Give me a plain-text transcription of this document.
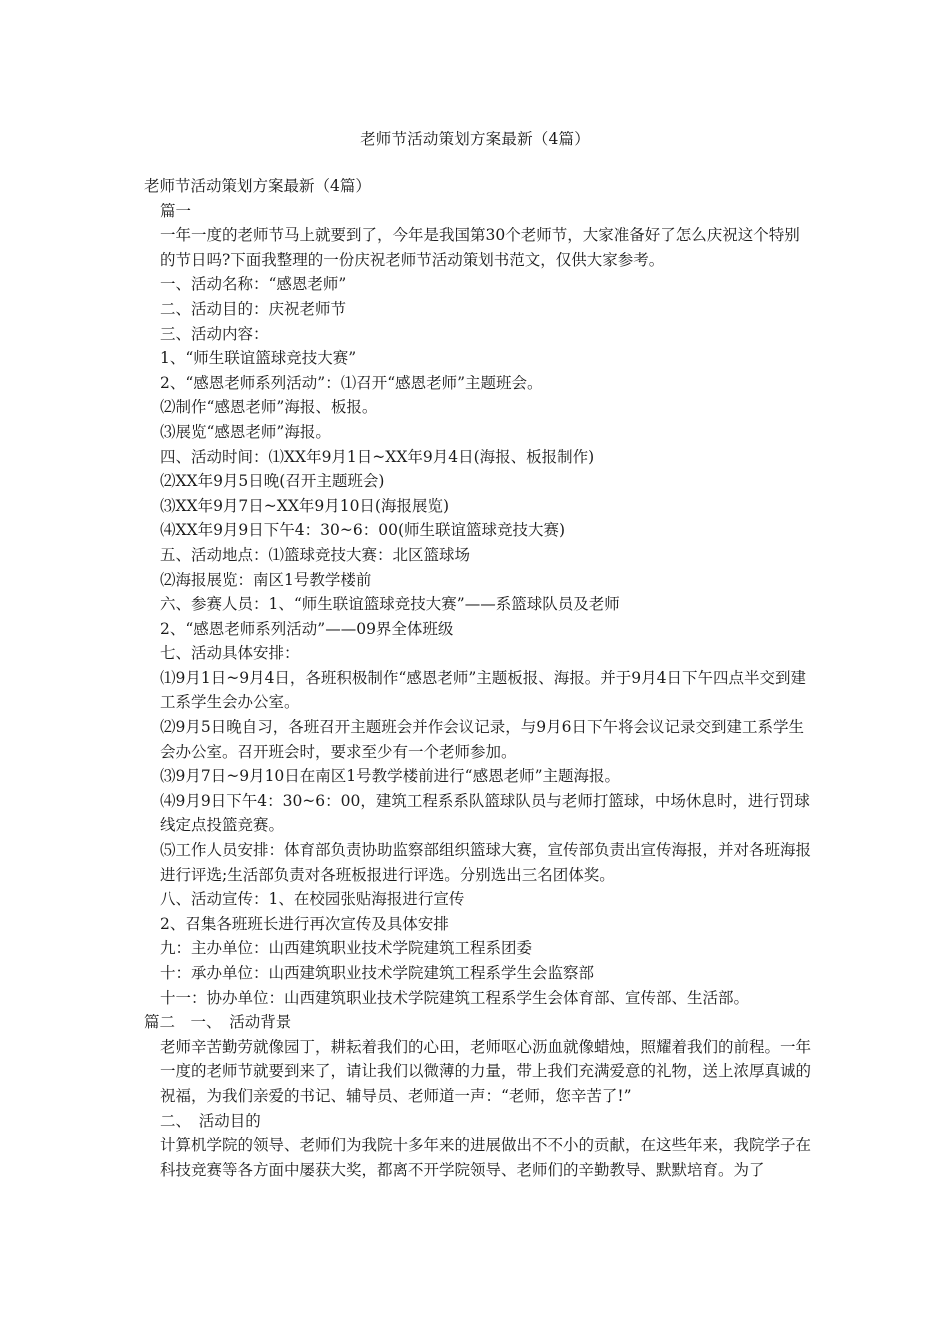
老师节活动策划方案最新（4篇）

老师节活动策划方案最新（4篇）

篇一

一年一度的老师节马上就要到了，今年是我国第30个老师节，大家准备好了怎么庆祝这个特别的节日吗?下面我整理的一份庆祝老师节活动策划书范文，仅供大家参考。

一、活动名称：“感恩老师”

二、活动目的：庆祝老师节

三、活动内容：

1、“师生联谊篮球竞技大赛”

2、“感恩老师系列活动”：⑴召开“感恩老师”主题班会。

⑵制作“感恩老师”海报、板报。

⑶展览“感恩老师”海报。

四、活动时间：⑴XX年9月1日~XX年9月4日(海报、板报制作)

⑵XX年9月5日晚(召开主题班会)

⑶XX年9月7日~XX年9月10日(海报展览)

⑷XX年9月9日下午4：30~6：00(师生联谊篮球竞技大赛)

五、活动地点：⑴篮球竞技大赛：北区篮球场

⑵海报展览：南区1号教学楼前

六、参赛人员：1、“师生联谊篮球竞技大赛”——系篮球队员及老师

2、“感恩老师系列活动”——09界全体班级

七、活动具体安排：

⑴9月1日~9月4日，各班积极制作“感恩老师”主题板报、海报。并于9月4日下午四点半交到建工系学生会办公室。

⑵9月5日晚自习，各班召开主题班会并作会议记录，与9月6日下午将会议记录交到建工系学生会办公室。召开班会时，要求至少有一个老师参加。

⑶9月7日~9月10日在南区1号教学楼前进行“感恩老师”主题海报。

⑷9月9日下午4：30~6：00，建筑工程系系队篮球队员与老师打篮球，中场休息时，进行罚球线定点投篮竞赛。

⑸工作人员安排：体育部负责协助监察部组织篮球大赛，宣传部负责出宣传海报，并对各班海报进行评选;生活部负责对各班板报进行评选。分别选出三名团体奖。

八、活动宣传：1、在校园张贴海报进行宣传

2、召集各班班长进行再次宣传及具体安排

九：主办单位：山西建筑职业技术学院建筑工程系团委

十：承办单位：山西建筑职业技术学院建筑工程系学生会监察部

十一：协办单位：山西建筑职业技术学院建筑工程系学生会体育部、宣传部、生活部。

篇二　一、　活动背景

老师辛苦勤劳就像园丁，耕耘着我们的心田，老师呕心沥血就像蜡烛，照耀着我们的前程。一年一度的老师节就要到来了，请让我们以微薄的力量，带上我们充满爱意的礼物，送上浓厚真诚的祝福，为我们亲爱的书记、辅导员、老师道一声：“老师，您辛苦了!”

二、　活动目的

计算机学院的领导、老师们为我院十多年来的进展做出不不小的贡献，在这些年来，我院学子在科技竞赛等各方面中屡获大奖，都离不开学院领导、老师们的辛勤教导、默默培育。为了
